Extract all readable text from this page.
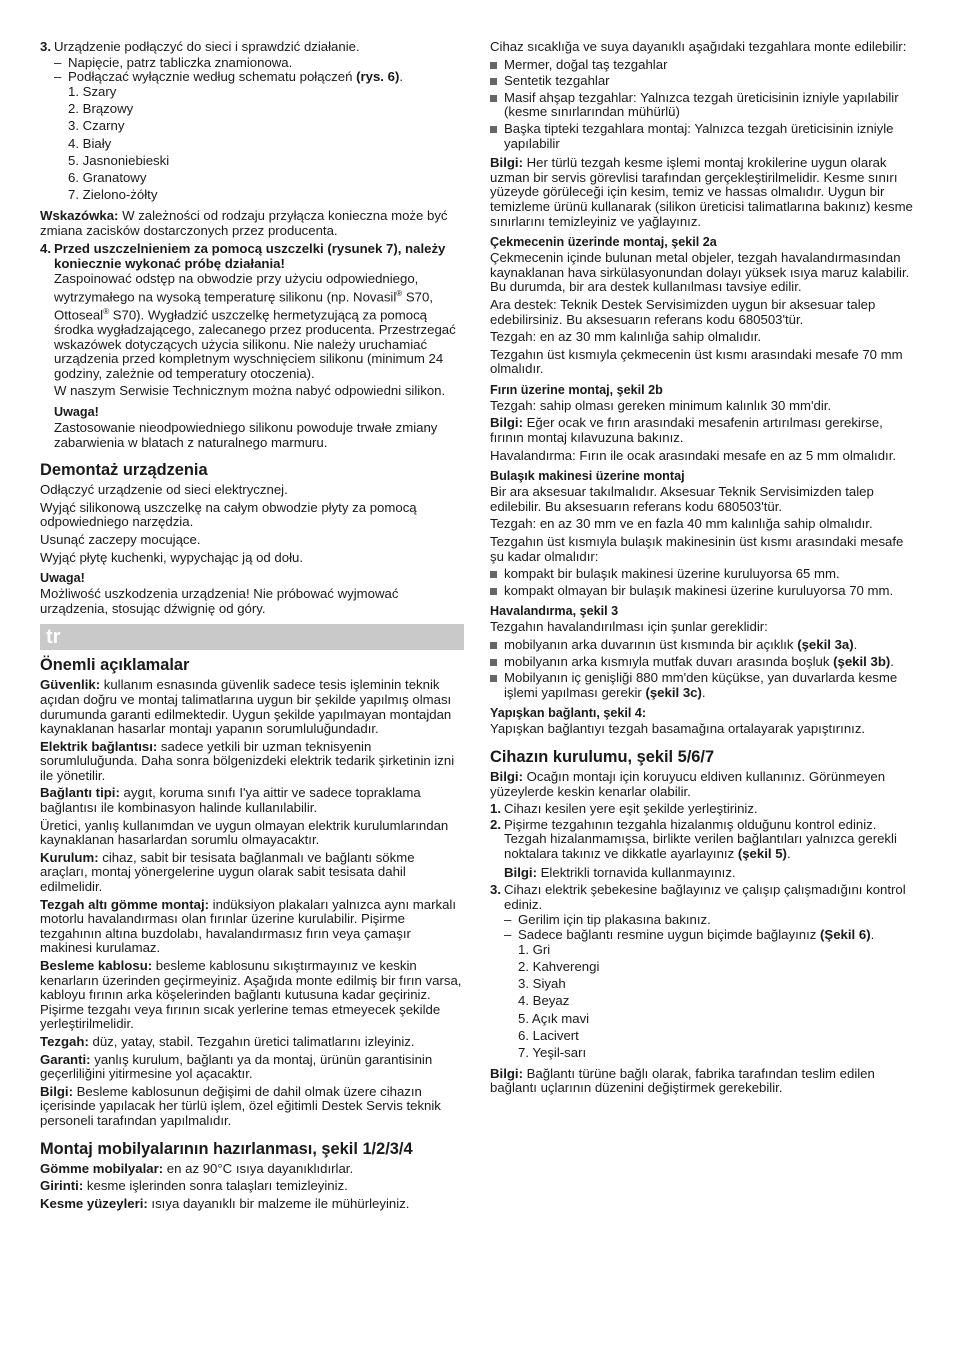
3. Urządzenie podłączyć do sieci i sprawdzić działanie.
– Napięcie, patrz tabliczka znamionowa.
– Podłączać wyłącznie według schematu połączeń (rys. 6).
1. Szary
2. Brązowy
3. Czarny
4. Biały
5. Jasnoniebieski
6. Granatowy
7. Zielono-żółty

Wskazówka: W zależności od rodzaju przyłącza konieczna może być zmiana zacisków dostarczonych przez producenta.

4. Przed uszczelnieniem za pomocą uszczelki (rysunek 7), należy koniecznie wykonać próbę działania!

Zaspoinować odstęp na obwodzie przy użyciu odpowiedniego, wytrzymałego na wysoką temperaturę silikonu (np. Novasil® S70, Ottoseal® S70). Wygładzić uszczelkę hermetyzującą za pomocą środka wygładzającego, zalecanego przez producenta. Przestrzegać wskazówek dotyczących użycia silikonu. Nie należy uruchamiać urządzenia przed kompletnym wyschnięciem silikonu (minimum 24 godziny, zależnie od temperatury otoczenia).

W naszym Serwisie Technicznym można nabyć odpowiedni silikon.

Uwaga!

Zastosowanie nieodpowiedniego silikonu powoduje trwałe zmiany zabarwienia w blatach z naturalnego marmuru.

Demontaż urządzenia

Odłączyć urządzenie od sieci elektrycznej.

Wyjąć silikonową uszczelkę na całym obwodzie płyty za pomocą odpowiedniego narzędzia.

Usunąć zaczepy mocujące.

Wyjąć płytę kuchenki, wypychając ją od dołu.

Uwaga!

Możliwość uszkodzenia urządzenia! Nie próbować wyjmować urządzenia, stosując dźwignię od góry.

tr
Önemli açıklamalar

Güvenlik: kullanım esnasında güvenlik sadece tesis işleminin teknik açıdan doğru ve montaj talimatlarına uygun bir şekilde yapılmış olması durumunda garanti edilmektedir. Uygun şekilde yapılmayan montajdan kaynaklanan hasarlar montajı yapanın sorumluluğundadır.

Elektrik bağlantısı: sadece yetkili bir uzman teknisyenin sorumluluğunda. Daha sonra bölgenizdeki elektrik tedarik şirketinin izni ile yönetilir.

Bağlantı tipi: aygıt, koruma sınıfı I'ya aittir ve sadece topraklama bağlantısı ile kombinasyon halinde kullanılabilir.

Üretici, yanlış kullanımdan ve uygun olmayan elektrik kurulumlarından kaynaklanan hasarlardan sorumlu olmayacaktır.

Kurulum: cihaz, sabit bir tesisata bağlanmalı ve bağlantı sökme araçları, montaj yönergelerine uygun olarak sabit tesisata dahil edilmelidir.

Tezgah altı gömme montaj: indüksiyon plakaları yalnızca aynı markalı motorlu havalandırması olan fırınlar üzerine kurulabilir. Pişirme tezgahının altına buzdolabı, havalandırmasız fırın veya çamaşır makinesi kurulamaz.

Besleme kablosu: besleme kablosunu sıkıştırmayınız ve keskin kenarların üzerinden geçirmeyiniz. Aşağıda monte edilmiş bir fırın varsa, kabloyu fırının arka köşelerinden bağlantı kutusuna kadar geçiriniz. Pişirme tezgahı veya fırının sıcak yerlerine temas etmeyecek şekilde yerleştirilmelidir.

Tezgah: düz, yatay, stabil. Tezgahın üretici talimatlarını izleyiniz.

Garanti: yanlış kurulum, bağlantı ya da montaj, ürünün garantisinin geçerliliğini yitirmesine yol açacaktır.

Bilgi: Besleme kablosunun değişimi de dahil olmak üzere cihazın içerisinde yapılacak her türlü işlem, özel eğitimli Destek Servis teknik personeli tarafından yapılmalıdır.

Montaj mobilyalarının hazırlanması, şekil 1/2/3/4

Gömme mobilyalar: en az 90°C ısıya dayanıklıdırlar.

Girinti: kesme işlerinden sonra talaşları temizleyiniz.

Kesme yüzeyleri: ısıya dayanıklı bir malzeme ile mühürleyiniz.

Cihaz sıcaklığa ve suya dayanıklı aşağıdaki tezgahlara monte edilebilir:

Mermer, doğal taş tezgahlar
Sentetik tezgahlar
Masif ahşap tezgahlar: Yalnızca tezgah üreticisinin izniyle yapılabilir (kesme sınırlarından mühürlü)
Başka tipteki tezgahlara montaj: Yalnızca tezgah üreticisinin izniyle yapılabilir

Bilgi: Her türlü tezgah kesme işlemi montaj krokilerine uygun olarak uzman bir servis görevlisi tarafından gerçekleştirilmelidir. Kesme sınırı yüzeyde görüleceği için kesim, temiz ve hassas olmalıdır. Uygun bir temizleme ürünü kullanarak (silikon üreticisi talimatlarına bakınız) kesme sınırlarını temizleyiniz ve yağlayınız.

Çekmecenin üzerinde montaj, şekil 2a

Çekmecenin içinde bulunan metal objeler, tezgah havalandırmasından kaynaklanan hava sirkülasyonundan dolayı yüksek ısıya maruz kalabilir. Bu durumda, bir ara destek kullanılması tavsiye edilir.

Ara destek: Teknik Destek Servisimizden uygun bir aksesuar talep edebilirsiniz. Bu aksesuarın referans kodu 680503'tür.

Tezgah: en az 30 mm kalınlığa sahip olmalıdır.

Tezgahın üst kısmıyla çekmecenin üst kısmı arasındaki mesafe 70 mm olmalıdır.

Fırın üzerine montaj, şekil 2b

Tezgah: sahip olması gereken minimum kalınlık 30 mm'dir.

Bilgi: Eğer ocak ve fırın arasındaki mesafenin artırılması gerekirse, fırının montaj kılavuzuna bakınız.

Havalandırma: Fırın ile ocak arasındaki mesafe en az 5 mm olmalıdır.

Bulaşık makinesi üzerine montaj

Bir ara aksesuar takılmalıdır. Aksesuar Teknik Servisimizden talep edilebilir. Bu aksesuarın referans kodu 680503'tür.

Tezgah: en az 30 mm ve en fazla 40 mm kalınlığa sahip olmalıdır.

Tezgahın üst kısmıyla bulaşık makinesinin üst kısmı arasındaki mesafe şu kadar olmalıdır:

kompakt bir bulaşık makinesi üzerine kuruluyorsa 65 mm.
kompakt olmayan bir bulaşık makinesi üzerine kuruluyorsa 70 mm.
Havalandırma, şekil 3

Tezgahın havalandırılması için şunlar gereklidir:

mobilyanın arka duvarının üst kısmında bir açıklık (şekil 3a).
mobilyanın arka kısmıyla mutfak duvarı arasında boşluk (şekil 3b).
Mobilyanın iç genişliği 880 mm'den küçükse, yan duvarlarda kesme işlemi yapılması gerekir (şekil 3c).
Yapışkan bağlantı, şekil 4:

Yapışkan bağlantıyı tezgah basamağına ortalayarak yapıştırınız.

Cihazın kurulumu, şekil 5/6/7

Bilgi: Ocağın montajı için koruyucu eldiven kullanınız. Görünmeyen yüzeylerde keskin kenarlar olabilir.

1. Cihazı kesilen yere eşit şekilde yerleştiriniz.
2. Pişirme tezgahının tezgahla hizalanmış olduğunu kontrol ediniz. Tezgah hizalanmamışsa, birlikte verilen bağlantıları yalnızca gerekli noktalara takınız ve dikkatle ayarlayınız (şekil 5).

Bilgi: Elektrikli tornavida kullanmayınız.

3. Cihazı elektrik şebekesine bağlayınız ve çalışıp çalışmadığını kontrol ediniz.
– Gerilim için tip plakasına bakınız.
– Sadece bağlantı resmine uygun biçimde bağlayınız (Şekil 6).
1. Gri
2. Kahverengi
3. Siyah
4. Beyaz
5. Açık mavi
6. Lacivert
7. Yeşil-sarı

Bilgi: Bağlantı türüne bağlı olarak, fabrika tarafından teslim edilen bağlantı uçlarının düzenini değiştirmek gerekebilir.
